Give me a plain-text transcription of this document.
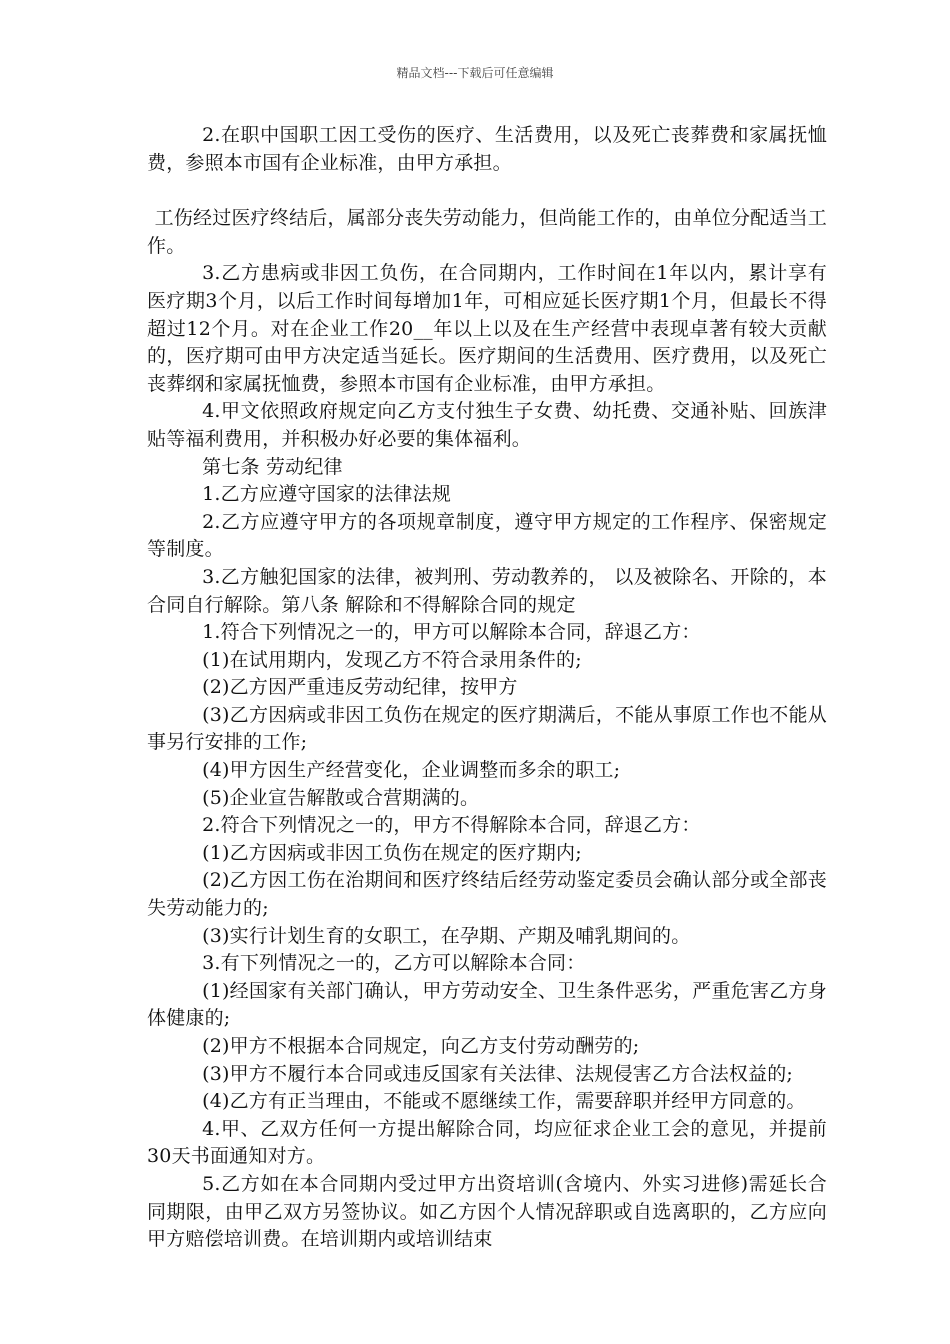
精品文档---下载后可任意编辑

2.在职中国职工因工受伤的医疗、生活费用，以及死亡丧葬费和家属抚恤费，参照本市国有企业标准，由甲方承担。

工伤经过医疗终结后，属部分丧失劳动能力，但尚能工作的，由单位分配适当工作。

3.乙方患病或非因工负伤，在合同期内，工作时间在1年以内，累计享有医疗期3个月，以后工作时间每增加1年，可相应延长医疗期1个月，但最长不得超过12个月。对在企业工作20__年以上以及在生产经营中表现卓著有较大贡献的，医疗期可由甲方决定适当延长。医疗期间的生活费用、医疗费用，以及死亡丧葬纲和家属抚恤费，参照本市国有企业标准，由甲方承担。

4.甲文依照政府规定向乙方支付独生子女费、幼托费、交通补贴、回族津贴等福利费用，并积极办好必要的集体福利。

第七条 劳动纪律

1.乙方应遵守国家的法律法规

2.乙方应遵守甲方的各项规章制度，遵守甲方规定的工作程序、保密规定等制度。

3.乙方触犯国家的法律，被判刑、劳动教养的， 以及被除名、开除的，本合同自行解除。第八条 解除和不得解除合同的规定

1.符合下列情况之一的，甲方可以解除本合同，辞退乙方：

(1)在试用期内，发现乙方不符合录用条件的;

(2)乙方因严重违反劳动纪律，按甲方

(3)乙方因病或非因工负伤在规定的医疗期满后，不能从事原工作也不能从事另行安排的工作;

(4)甲方因生产经营变化，企业调整而多余的职工;

(5)企业宣告解散或合营期满的。

2.符合下列情况之一的，甲方不得解除本合同，辞退乙方：

(1)乙方因病或非因工负伤在规定的医疗期内;

(2)乙方因工伤在治期间和医疗终结后经劳动鉴定委员会确认部分或全部丧失劳动能力的;

(3)实行计划生育的女职工，在孕期、产期及哺乳期间的。

3.有下列情况之一的，乙方可以解除本合同：

(1)经国家有关部门确认，甲方劳动安全、卫生条件恶劣，严重危害乙方身体健康的;

(2)甲方不根据本合同规定，向乙方支付劳动酬劳的;

(3)甲方不履行本合同或违反国家有关法律、法规侵害乙方合法权益的;

(4)乙方有正当理由，不能或不愿继续工作，需要辞职并经甲方同意的。

4.甲、乙双方任何一方提出解除合同，均应征求企业工会的意见，并提前30天书面通知对方。

5.乙方如在本合同期内受过甲方出资培训(含境内、外实习进修)需延长合同期限，由甲乙双方另签协议。如乙方因个人情况辞职或自选离职的，乙方应向甲方赔偿培训费。在培训期内或培训结束
